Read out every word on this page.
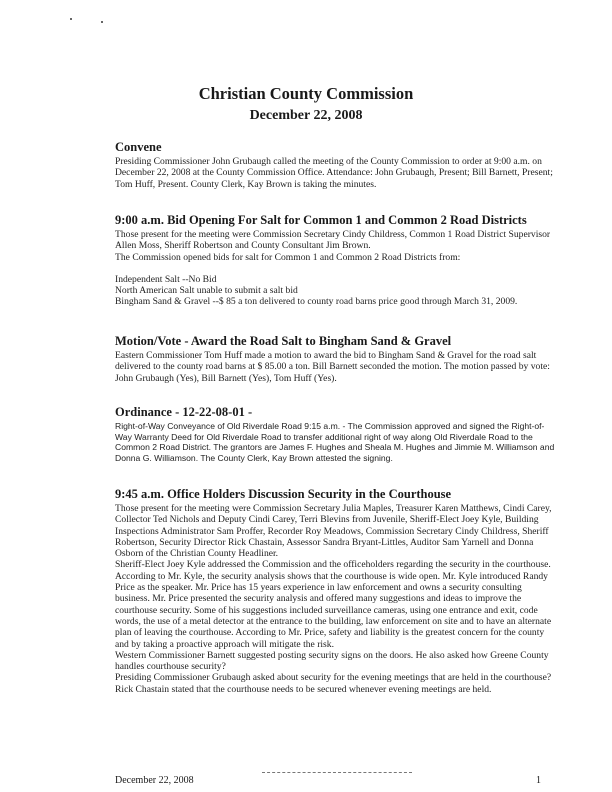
Christian County Commission
December 22, 2008

Convene

Presiding Commissioner John Grubaugh called the meeting of the County Commission to order at 9:00 a.m. on December 22, 2008 at the County Commission Office. Attendance: John Grubaugh, Present; Bill Barnett, Present; Tom Huff, Present. County Clerk, Kay Brown is taking the minutes.

9:00 a.m. Bid Opening For Salt for Common 1 and Common 2 Road Districts

Those present for the meeting were Commission Secretary Cindy Childress, Common 1 Road District Supervisor Allen Moss, Sheriff Robertson and County Consultant Jim Brown.

The Commission opened bids for salt for Common 1 and Common 2 Road Districts from:

Independent Salt --No Bid

North American Salt unable to submit a salt bid

Bingham Sand & Gravel --$ 85 a ton delivered to county road barns price good through March 31, 2009.

Motion/Vote - Award the Road Salt to Bingham Sand & Gravel

Eastern Commissioner Tom Huff made a motion to award the bid to Bingham Sand & Gravel for the road salt delivered to the county road barns at $ 85.00 a ton. Bill Barnett seconded the motion. The motion passed by vote: John Grubaugh (Yes), Bill Barnett (Yes), Tom Huff (Yes).

Ordinance - 12-22-08-01 -

Right-of-Way Conveyance of Old Riverdale Road 9:15 a.m. - The Commission approved and signed the Right-of-Way Warranty Deed for Old Riverdale Road to transfer additional right of way along Old Riverdale Road to the Common 2 Road District. The grantors are James F. Hughes and Sheala M. Hughes and Jimmie M. Williamson and Donna G. Williamson. The County Clerk, Kay Brown attested the signing.

9:45 a.m. Office Holders Discussion Security in the Courthouse

Those present for the meeting were Commission Secretary Julia Maples, Treasurer Karen Matthews, Cindi Carey, Collector Ted Nichols and Deputy Cindi Carey, Terri Blevins from Juvenile, Sheriff-Elect Joey Kyle, Building Inspections Administrator Sam Proffer, Recorder Roy Meadows, Commission Secretary Cindy Childress, Sheriff Robertson, Security Director Rick Chastain, Assessor Sandra Bryant-Littles, Auditor Sam Yarnell and Donna Osborn of the Christian County Headliner.

Sheriff-Elect Joey Kyle addressed the Commission and the officeholders regarding the security in the courthouse. According to Mr. Kyle, the security analysis shows that the courthouse is wide open. Mr. Kyle introduced Randy Price as the speaker. Mr. Price has 15 years experience in law enforcement and owns a security consulting business. Mr. Price presented the security analysis and offered many suggestions and ideas to improve the courthouse security. Some of his suggestions included surveillance cameras, using one entrance and exit, code words, the use of a metal detector at the entrance to the building, law enforcement on site and to have an alternate plan of leaving the courthouse. According to Mr. Price, safety and liability is the greatest concern for the county and by taking a proactive approach will mitigate the risk.

Western Commissioner Barnett suggested posting security signs on the doors. He also asked how Greene County handles courthouse security?

Presiding Commissioner Grubaugh asked about security for the evening meetings that are held in the courthouse? Rick Chastain stated that the courthouse needs to be secured whenever evening meetings are held.

December 22, 2008	1
